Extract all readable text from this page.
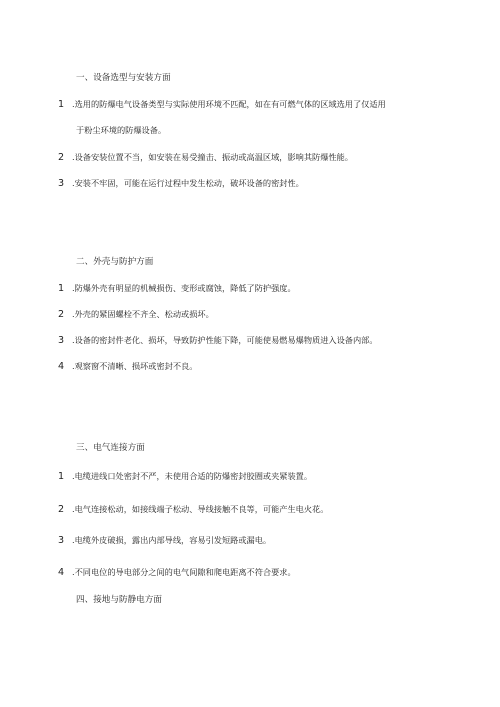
一、设备选型与安装方面
1 .选用的防爆电气设备类型与实际使用环境不匹配，如在有可燃气体的区域选用了仅适用
于粉尘环境的防爆设备。
2 .设备安装位置不当，如安装在易受撞击、振动或高温区域，影响其防爆性能。
3 .安装不牢固，可能在运行过程中发生松动，破坏设备的密封性。
二、外壳与防护方面
1 .防爆外壳有明显的机械损伤、变形或腐蚀，降低了防护强度。
2 .外壳的紧固螺栓不齐全、松动或损坏。
3 .设备的密封件老化、损坏，导致防护性能下降，可能使易燃易爆物质进入设备内部。
4 .观察窗不清晰、损坏或密封不良。
三、电气连接方面
1 .电缆进线口处密封不严，未使用合适的防爆密封胶圈或夹紧装置。
2 .电气连接松动，如接线端子松动、导线接触不良等，可能产生电火花。
3 .电缆外皮破损，露出内部导线，容易引发短路或漏电。
4 .不同电位的导电部分之间的电气间隙和爬电距离不符合要求。
四、接地与防静电方面
